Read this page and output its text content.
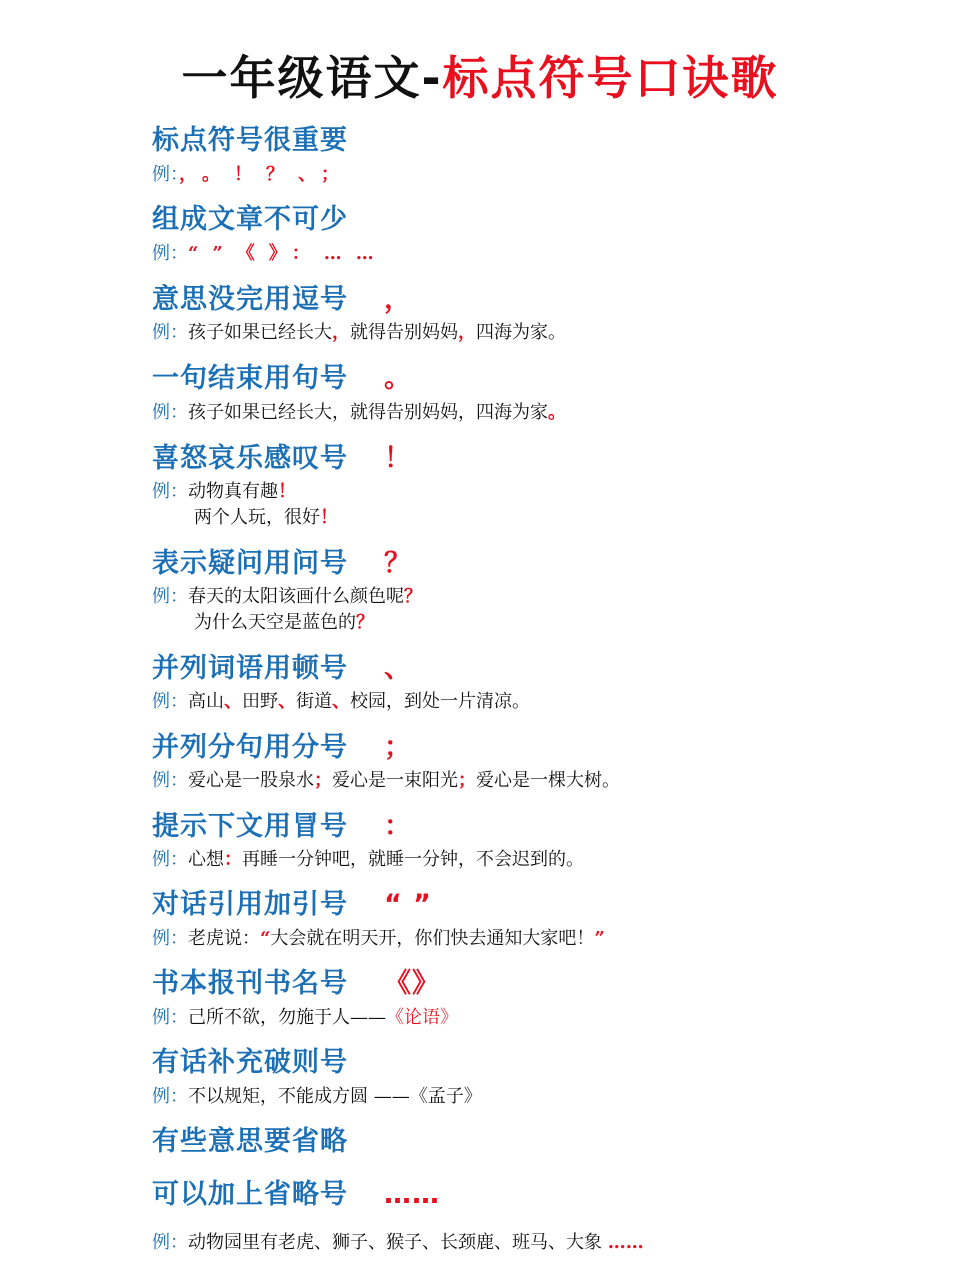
一年级语文-标点符号口诀歌
标点符号很重要
例：，。！？、；
组成文章不可少
例：“”《》：……
意思没完用逗号 ，
例：孩子如果已经长大，就得告别妈妈，四海为家。
一句结束用句号 。
例：孩子如果已经长大，就得告别妈妈，四海为家。
喜怒哀乐感叹号 ！
例：动物真有趣！
两个人玩，很好！
表示疑问用问号 ？
例：春天的太阳该画什么颜色呢？
为什么天空是蓝色的？
并列词语用顿号 、
例：高山、田野、街道、校园，到处一片清凉。
并列分句用分号 ；
例：爱心是一股泉水；爱心是一束阳光；爱心是一棵大树。
提示下文用冒号 ：
例：心想：再睡一分钟吧，就睡一分钟，不会迟到的。
对话引用加引号 “ ”
例：老虎说：“大会就在明天开，你们快去通知大家吧！”
书本报刊书名号 《》
例：己所不欲，勿施于人——《论语》
有话补充破则号
例：不以规矩，不能成方圆 ——《孟子》
有些意思要省略
可以加上省略号 ……
例：动物园里有老虎、狮子、猴子、长颈鹿、班马、大象 ……
